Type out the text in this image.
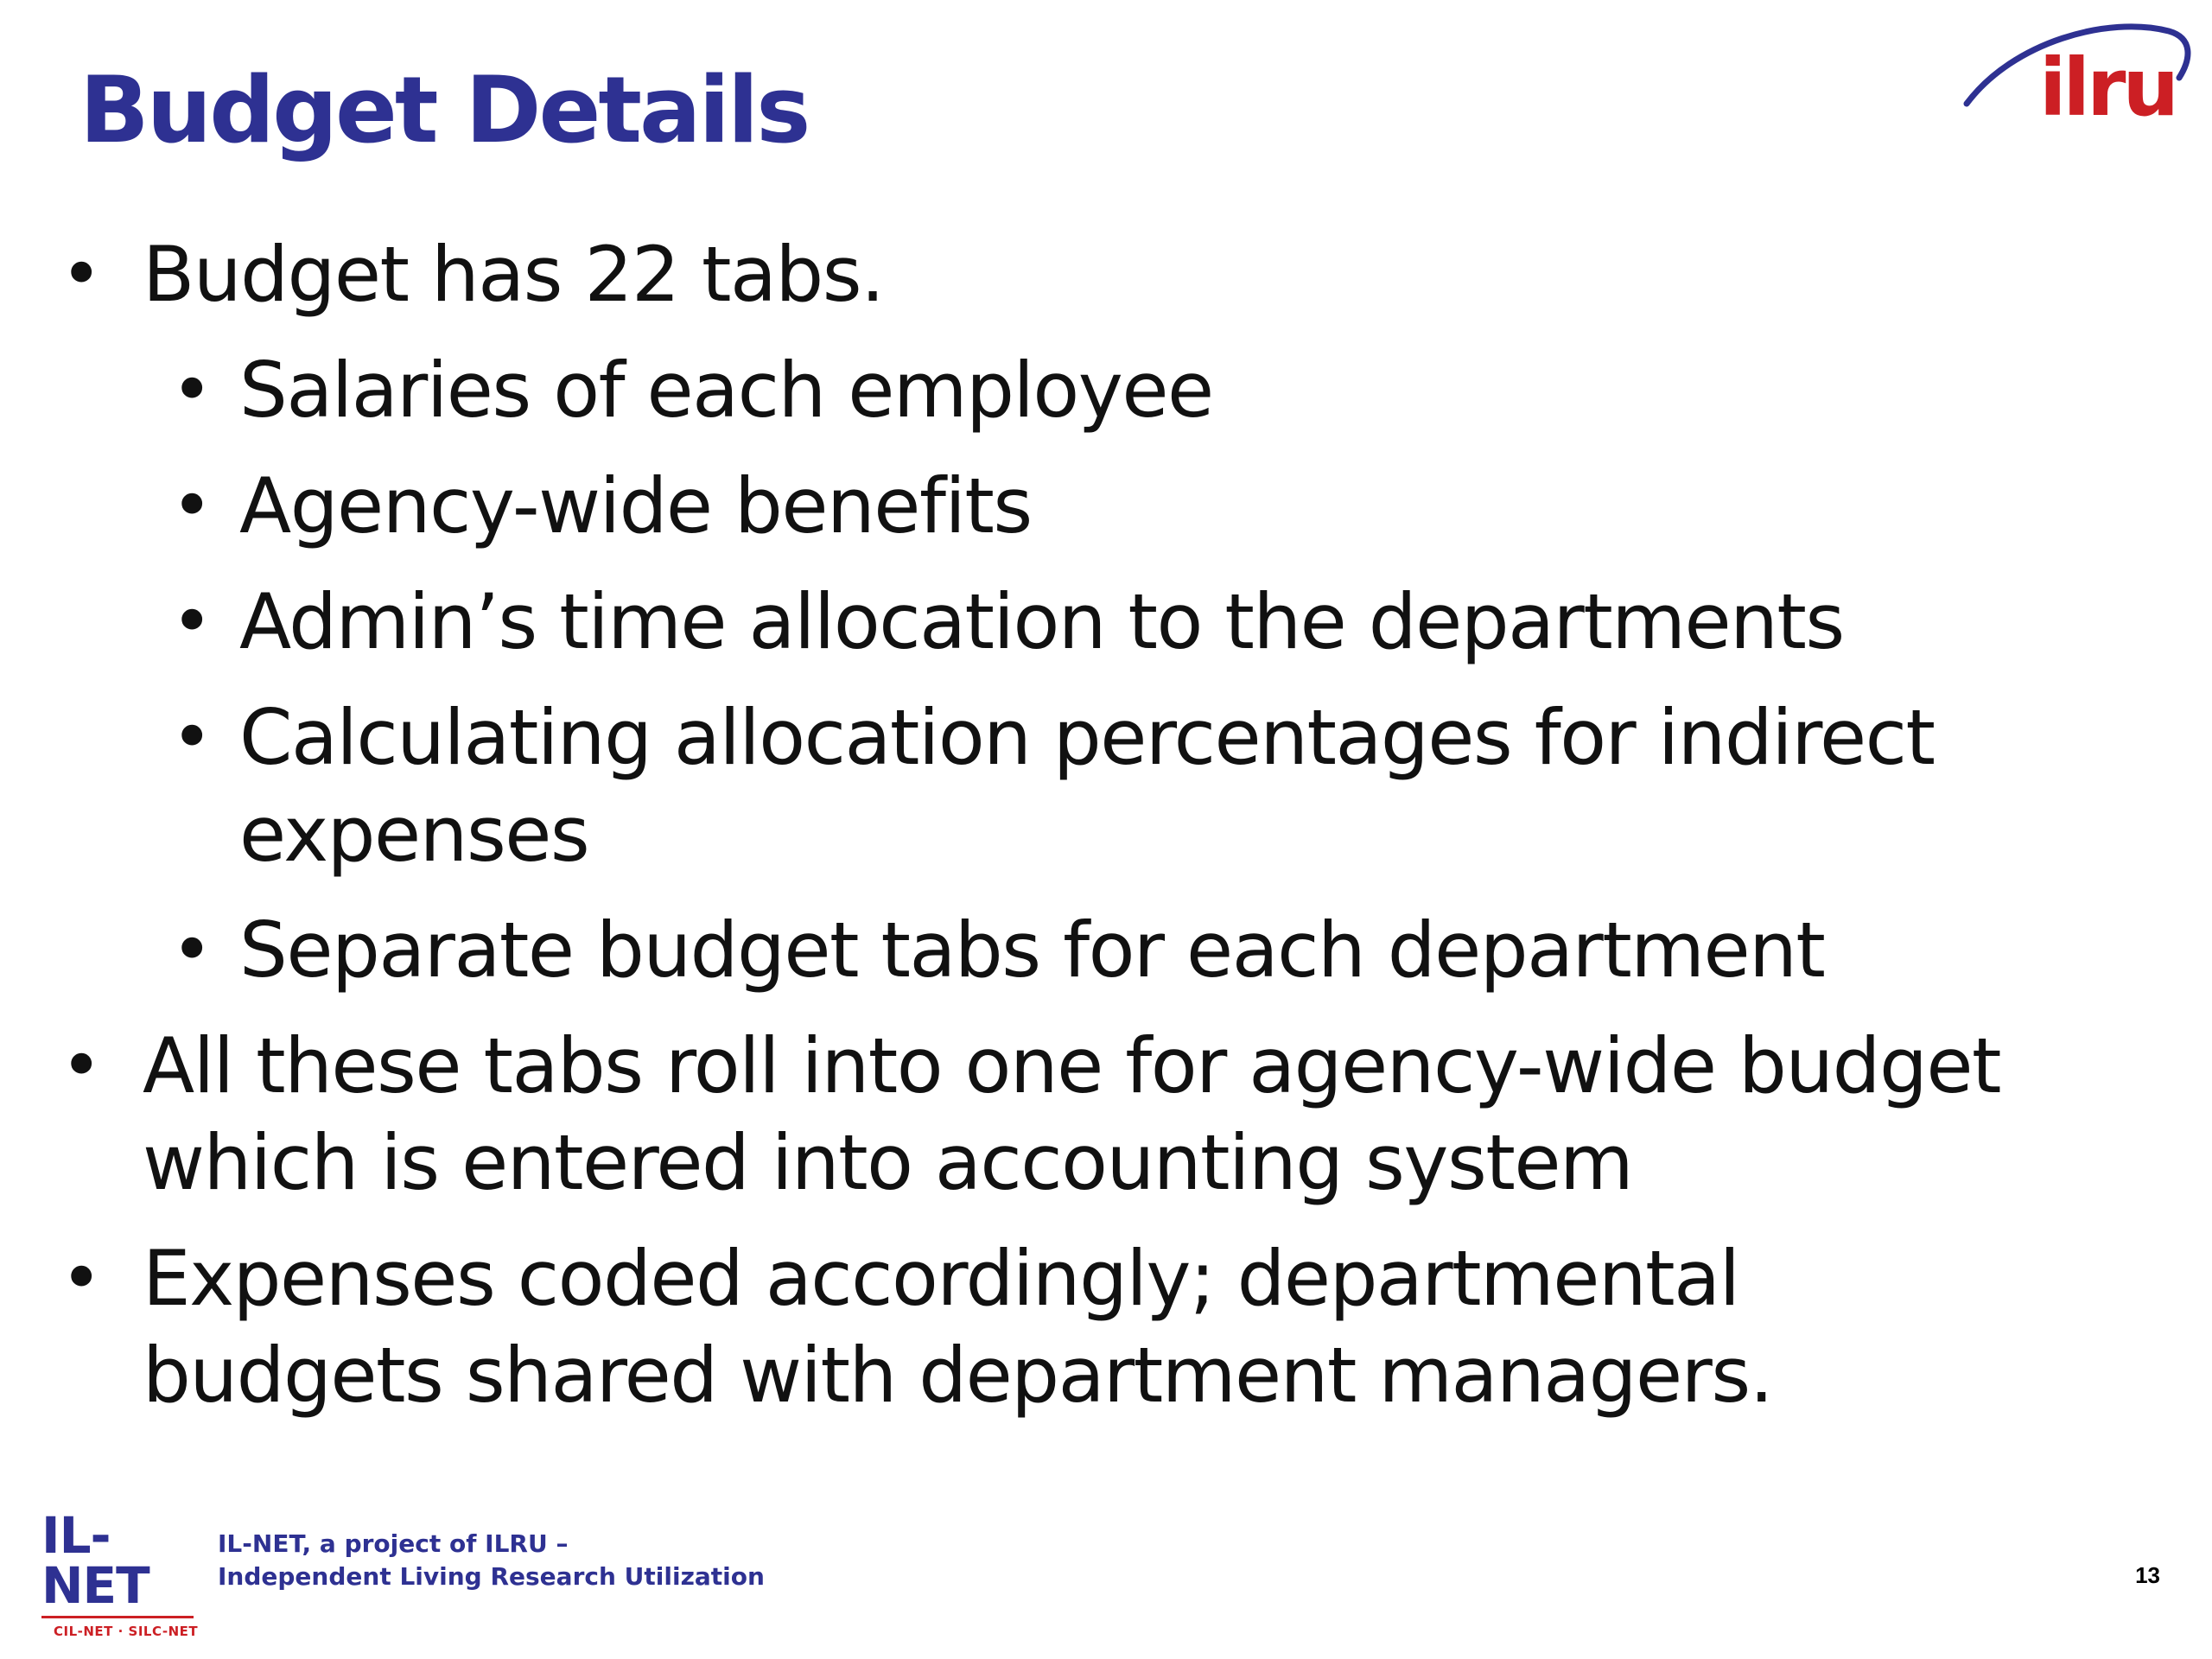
Budget Details	ilru

• Budget has 22 tabs.

• Salaries of each employee

• Agency-wide benefits

• Admin’s time allocation to the departments

• Calculating allocation percentages for indirect expenses

• Separate budget tabs for each department

• All these tabs roll into one for agency-wide budget which is entered into accounting system

• Expenses coded accordingly; departmental budgets shared with department managers.

IL-NET
CIL-NET · SILC-NET
IL-NET, a project of ILRU –
Independent Living Research Utilization	13
